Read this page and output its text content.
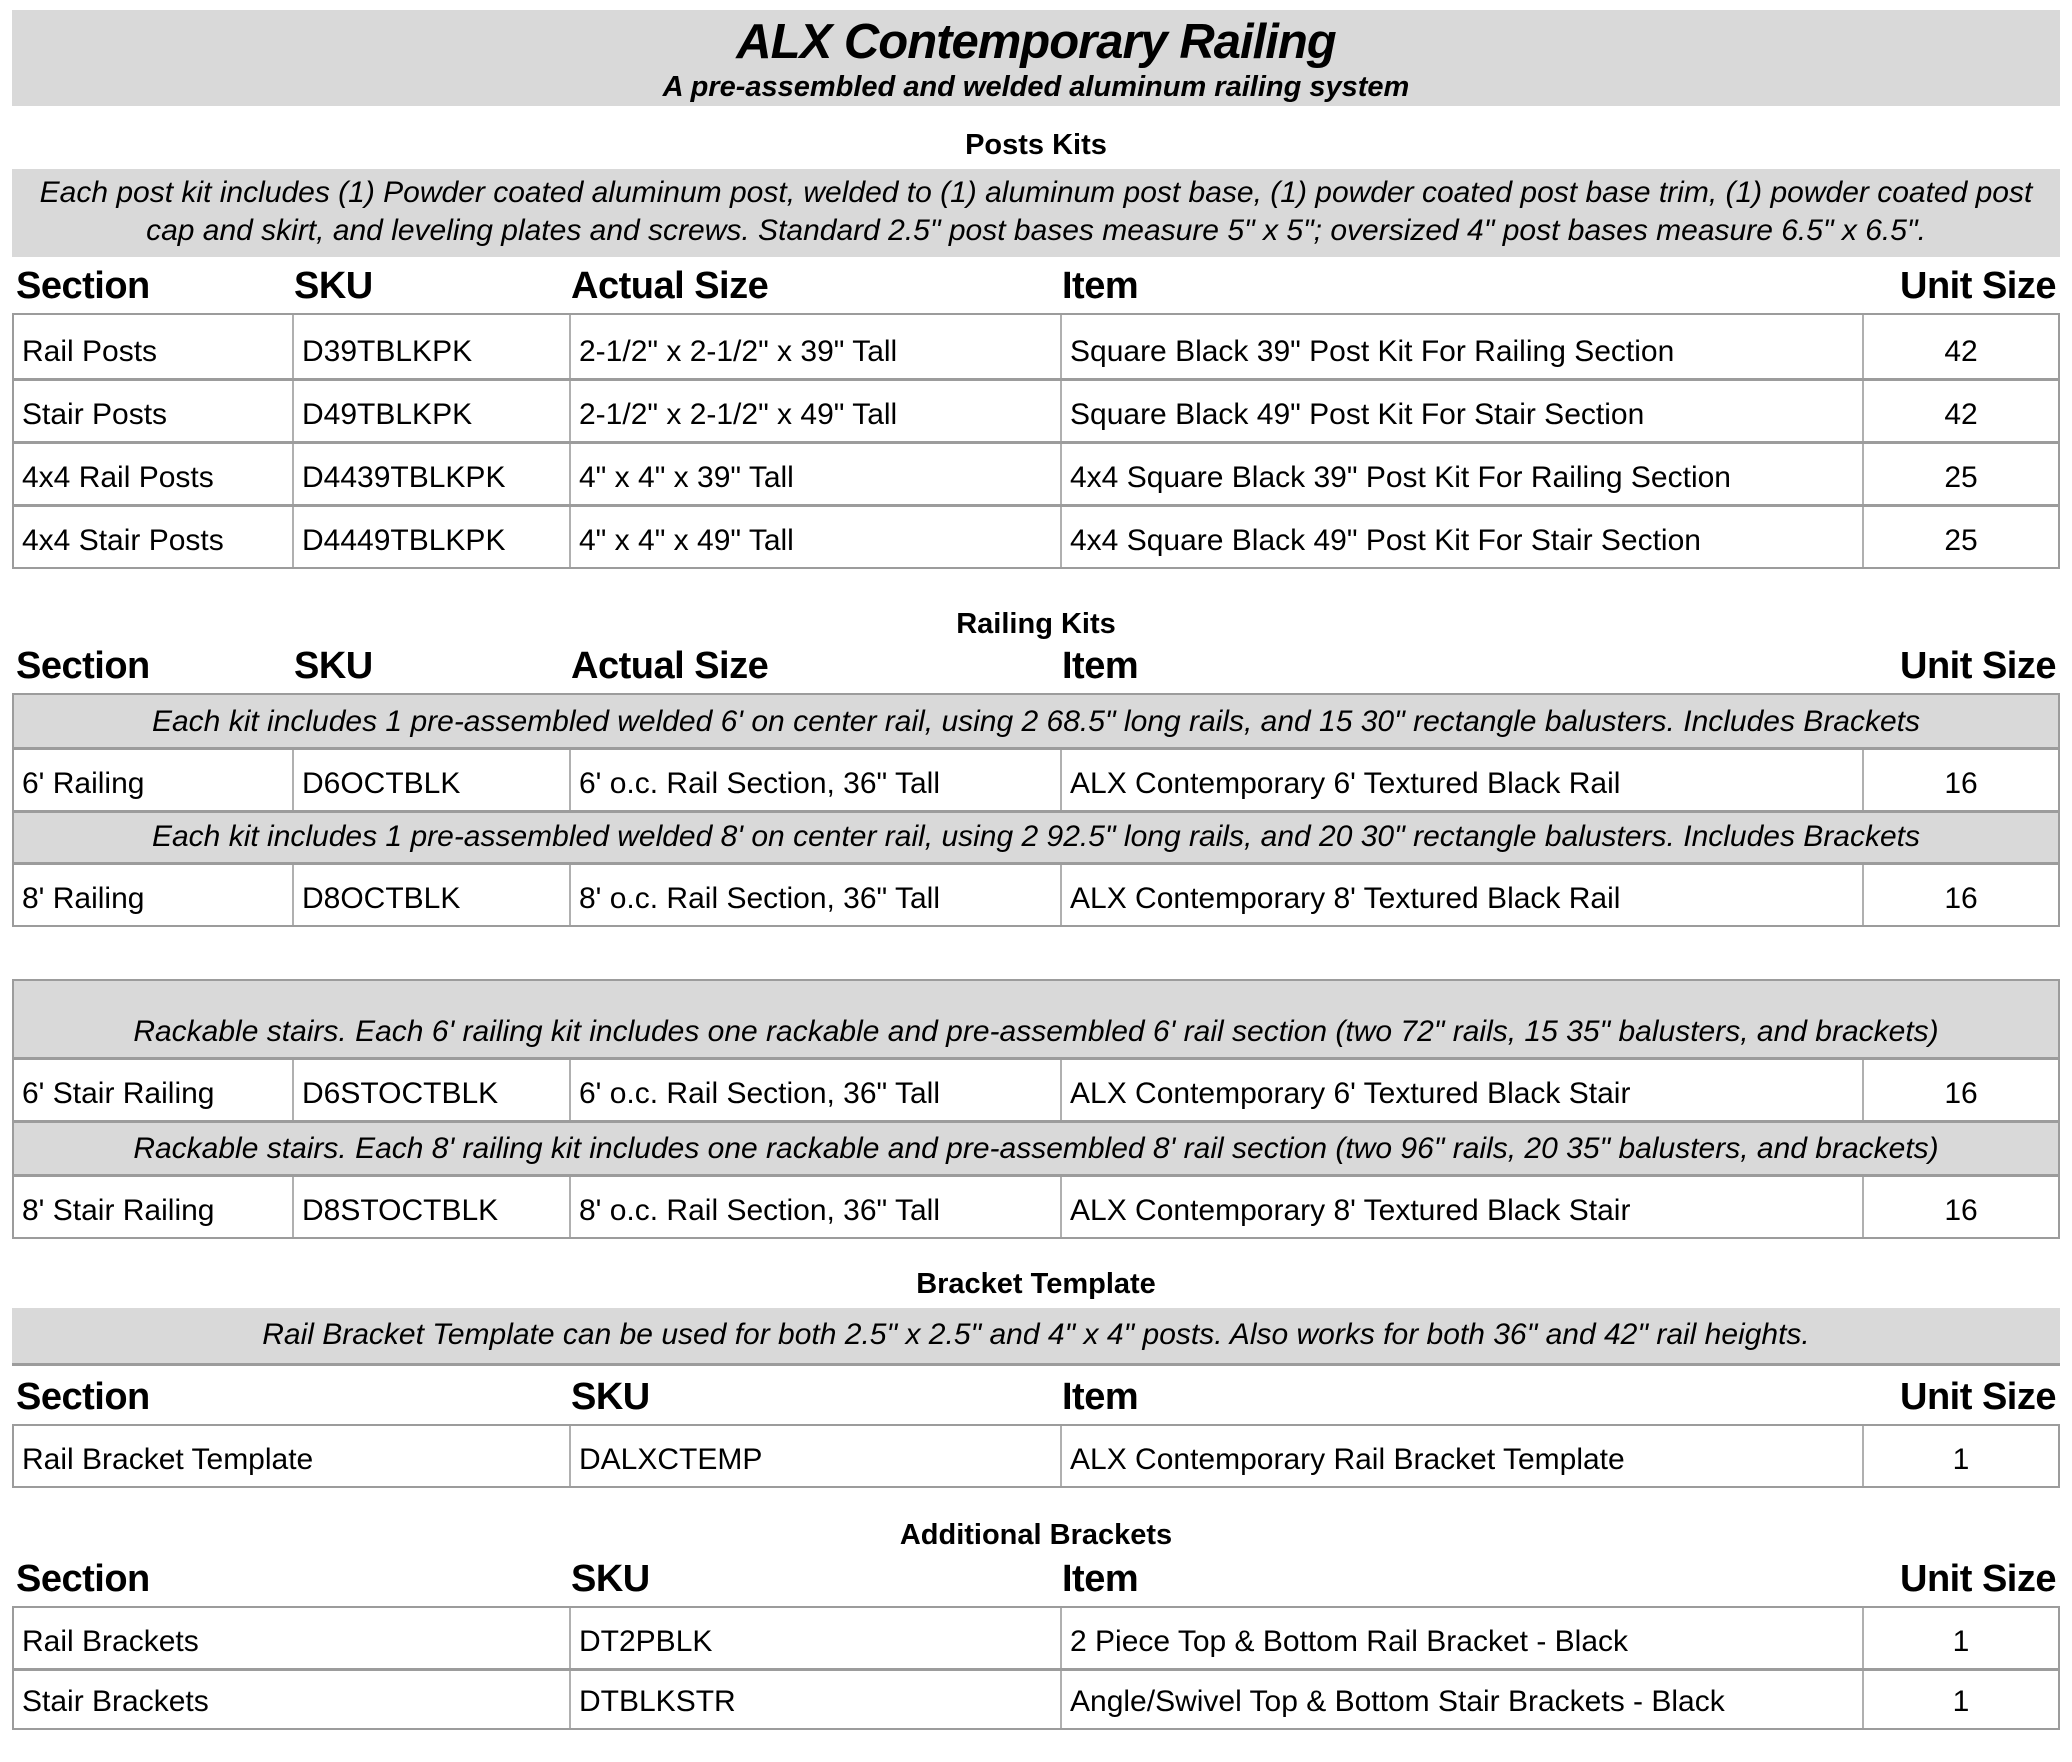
ALX Contemporary Railing
A pre-assembled and welded aluminum railing system
Posts Kits
Each post kit includes (1) Powder coated aluminum post, welded to (1) aluminum post base, (1) powder coated post base trim, (1) powder coated post cap and skirt, and leveling plates and screws. Standard 2.5" post bases measure 5" x 5"; oversized 4" post bases measure 6.5" x 6.5".
Section	SKU	Actual Size	Item	Unit Size
Rail Posts	D39TBLKPK	2-1/2" x 2-1/2" x 39" Tall	Square Black 39" Post Kit For Railing Section	42
Stair Posts	D49TBLKPK	2-1/2" x 2-1/2" x 49" Tall	Square Black 49" Post Kit For Stair Section	42
4x4 Rail Posts	D4439TBLKPK	4" x 4" x 39" Tall	4x4 Square Black 39" Post Kit For Railing Section	25
4x4 Stair Posts	D4449TBLKPK	4" x 4" x 49" Tall	4x4 Square Black 49" Post Kit For Stair Section	25
Railing Kits
Section	SKU	Actual Size	Item	Unit Size
Each kit includes 1 pre-assembled welded 6' on center rail, using 2 68.5" long rails, and 15 30" rectangle balusters. Includes Brackets
6' Railing	D6OCTBLK	6' o.c. Rail Section, 36" Tall	ALX Contemporary 6' Textured Black Rail	16
Each kit includes 1 pre-assembled welded 8' on center rail, using 2 92.5" long rails, and 20 30" rectangle balusters. Includes Brackets
8' Railing	D8OCTBLK	8' o.c. Rail Section, 36" Tall	ALX Contemporary 8' Textured Black Rail	16
Rackable stairs. Each 6' railing kit includes one rackable and pre-assembled 6' rail section (two 72" rails, 15 35" balusters, and brackets)
6' Stair Railing	D6STOCTBLK	6' o.c. Rail Section, 36" Tall	ALX Contemporary 6' Textured Black Stair	16
Rackable stairs. Each 8' railing kit includes one rackable and pre-assembled 8' rail section (two 96" rails, 20 35" balusters, and brackets)
8' Stair Railing	D8STOCTBLK	8' o.c. Rail Section, 36" Tall	ALX Contemporary 8' Textured Black Stair	16
Bracket Template
Rail Bracket Template can be used for both 2.5" x 2.5" and 4" x 4" posts. Also works for both 36" and 42" rail heights.
Section	SKU	Item	Unit Size
Rail Bracket Template	DALXCTEMP	ALX Contemporary Rail Bracket Template	1
Additional Brackets
Section	SKU	Item	Unit Size
Rail Brackets	DT2PBLK	2 Piece Top & Bottom Rail Bracket - Black	1
Stair Brackets	DTBLKSTR	Angle/Swivel Top & Bottom Stair Brackets - Black	1
